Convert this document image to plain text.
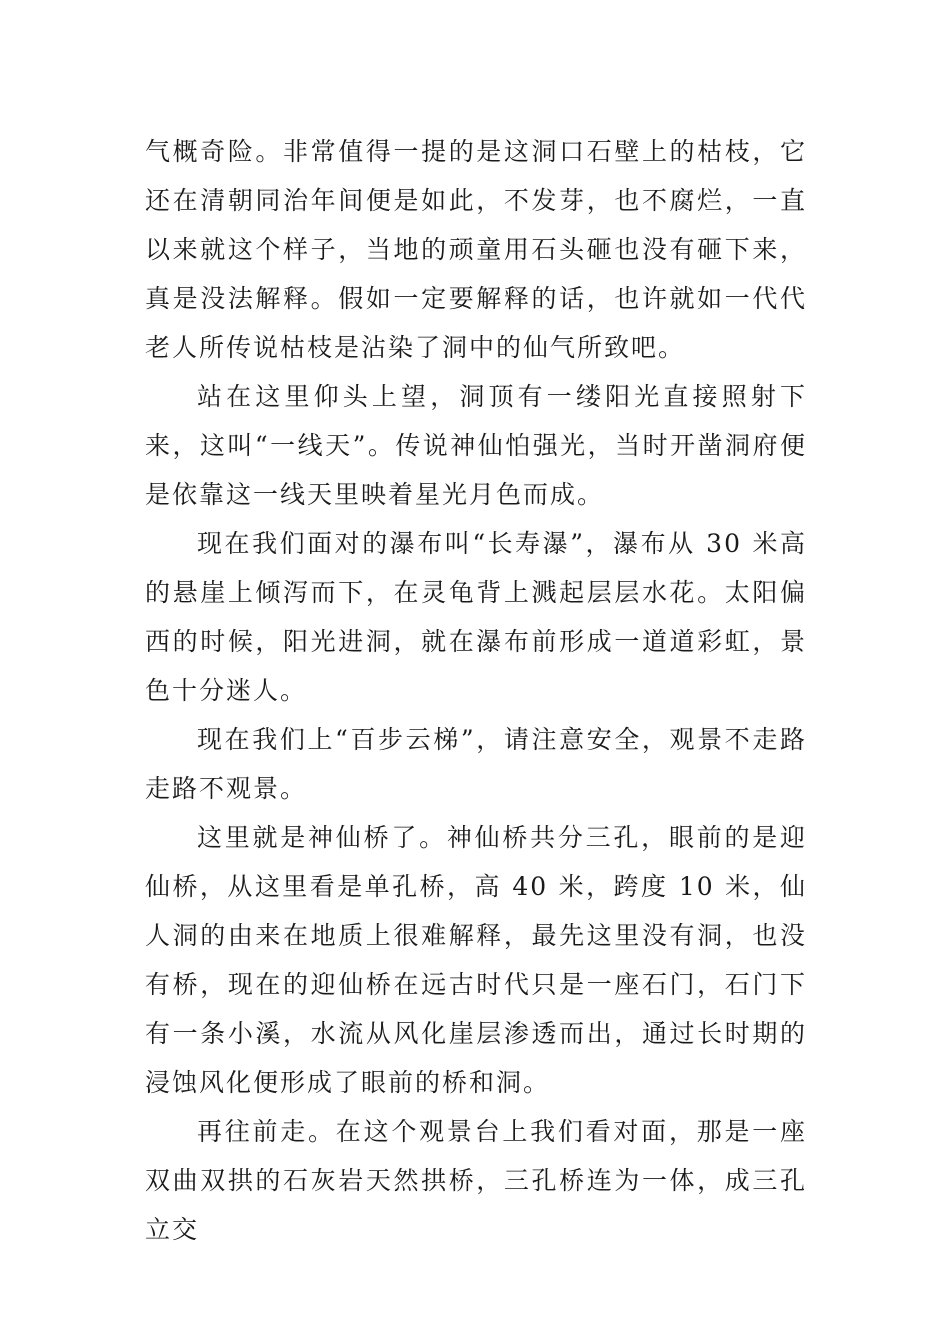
气概奇险。非常值得一提的是这洞口石壁上的枯枝，它还在清朝同治年间便是如此，不发芽，也不腐烂，一直以来就这个样子，当地的顽童用石头砸也没有砸下来，真是没法解释。假如一定要解释的话，也许就如一代代老人所传说枯枝是沾染了洞中的仙气所致吧。

站在这里仰头上望，洞顶有一缕阳光直接照射下来，这叫“一线天”。传说神仙怕强光，当时开凿洞府便是依靠这一线天里映着星光月色而成。

现在我们面对的瀑布叫“长寿瀑”，瀑布从 30 米高的悬崖上倾泻而下，在灵龟背上溅起层层水花。太阳偏西的时候，阳光进洞，就在瀑布前形成一道道彩虹，景色十分迷人。

现在我们上“百步云梯”，请注意安全，观景不走路走路不观景。

这里就是神仙桥了。神仙桥共分三孔，眼前的是迎仙桥，从这里看是单孔桥，高 40 米，跨度 10 米，仙人洞的由来在地质上很难解释，最先这里没有洞，也没有桥，现在的迎仙桥在远古时代只是一座石门，石门下有一条小溪，水流从风化崖层渗透而出，通过长时期的浸蚀风化便形成了眼前的桥和洞。

再往前走。在这个观景台上我们看对面，那是一座双曲双拱的石灰岩天然拱桥，三孔桥连为一体，成三孔立交
